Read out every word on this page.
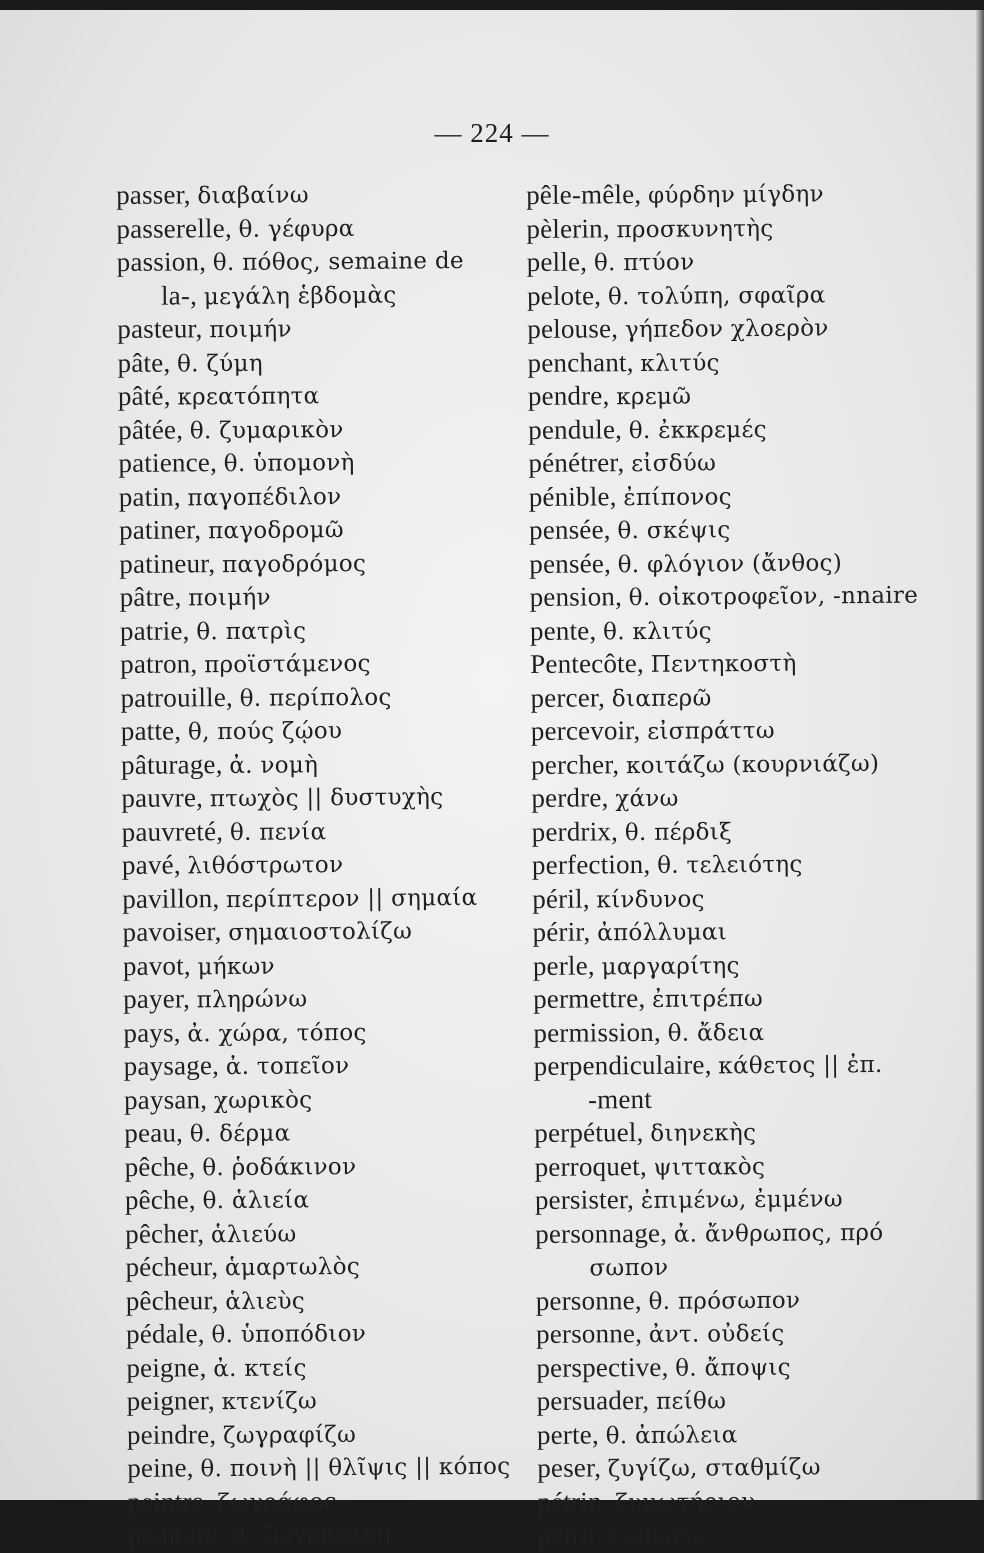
— 224 —
passer, διαβαίνω
passerelle, θ. γέφυρα
passion, θ. πόθος, semaine de
la-, μεγάλη ἑβδομὰς
pasteur, ποιμήν
pâte, θ. ζύμη
pâté, κρεατόπητα
pâtée, θ. ζυμαρικὸν
patience, θ. ὑπομονὴ
patin, παγοπέδιλον
patiner, παγοδρομῶ
patineur, παγοδρόμος
pâtre, ποιμήν
patrie, θ. πατρὶς
patron, προϊστάμενος
patrouille, θ. περίπολος
patte, θ, πούς ζῴου
pâturage, ἀ. νομὴ
pauvre, πτωχὸς || δυστυχὴς
pauvreté, θ. πενία
pavé, λιθόστρωτον
pavillon, περίπτερον || σημαία
pavoiser, σημαιοστολίζω
pavot, μήκων
payer, πληρώνω
pays, ἀ. χώρα, τόπος
paysage, ἀ. τοπεῖον
paysan, χωρικὸς
peau, θ. δέρμα
pêche, θ. ῥοδάκινον
pêche, θ. ἁλιεία
pêcher, ἁλιεύω
pécheur, ἁμαρτωλὸς
pêcheur, ἁλιεὺς
pédale, θ. ὑποπόδιον
peigne, ἀ. κτείς
peigner, κτενίζω
peindre, ζωγραφίζω
peine, θ. ποινὴ || θλῖψις || κόπος
peintre, ζωγράφος
peinture, θ. ζωγραφικὴ
pêle-mêle, φύρδην μίγδην
pèlerin, προσκυνητὴς
pelle, θ. πτύον
pelote, θ. τολύπη, σφαῖρα
pelouse, γήπεδον χλοερὸν
penchant, κλιτύς
pendre, κρεμῶ
pendule, θ. ἐκκρεμές
pénétrer, εἰσδύω
pénible, ἐπίπονος
pensée, θ. σκέψις
pensée, θ. φλόγιον (ἄνθος)
pension, θ. οἰκοτροφεῖον, -nnaire
pente, θ. κλιτύς
Pentecôte, Πεντηκοστὴ
percer, διαπερῶ
percevoir, εἰσπράττω
percher, κοιτάζω (κουρνιάζω)
perdre, χάνω
perdrix, θ. πέρδιξ
perfection, θ. τελειότης
péril, κίνδυνος
périr, ἀπόλλυμαι
perle, μαργαρίτης
permettre, ἐπιτρέπω
permission, θ. ἄδεια
perpendiculaire, κάθετος || ἐπ.
-ment
perpétuel, διηνεκὴς
perroquet, ψιττακὸς
persister, ἐπιμένω, ἐμμένω
personnage, ἀ. ἄνθρωπος, πρό
σωπον
personne, θ. πρόσωπον
personne, ἀντ. οὐδείς
perspective, θ. ἄποψις
persuader, πείθω
perte, θ. ἀπώλεια
peser, ζυγίζω, σταθμίζω
pétrin, ζυμωτήριον
pétrir, ζυμώνω
